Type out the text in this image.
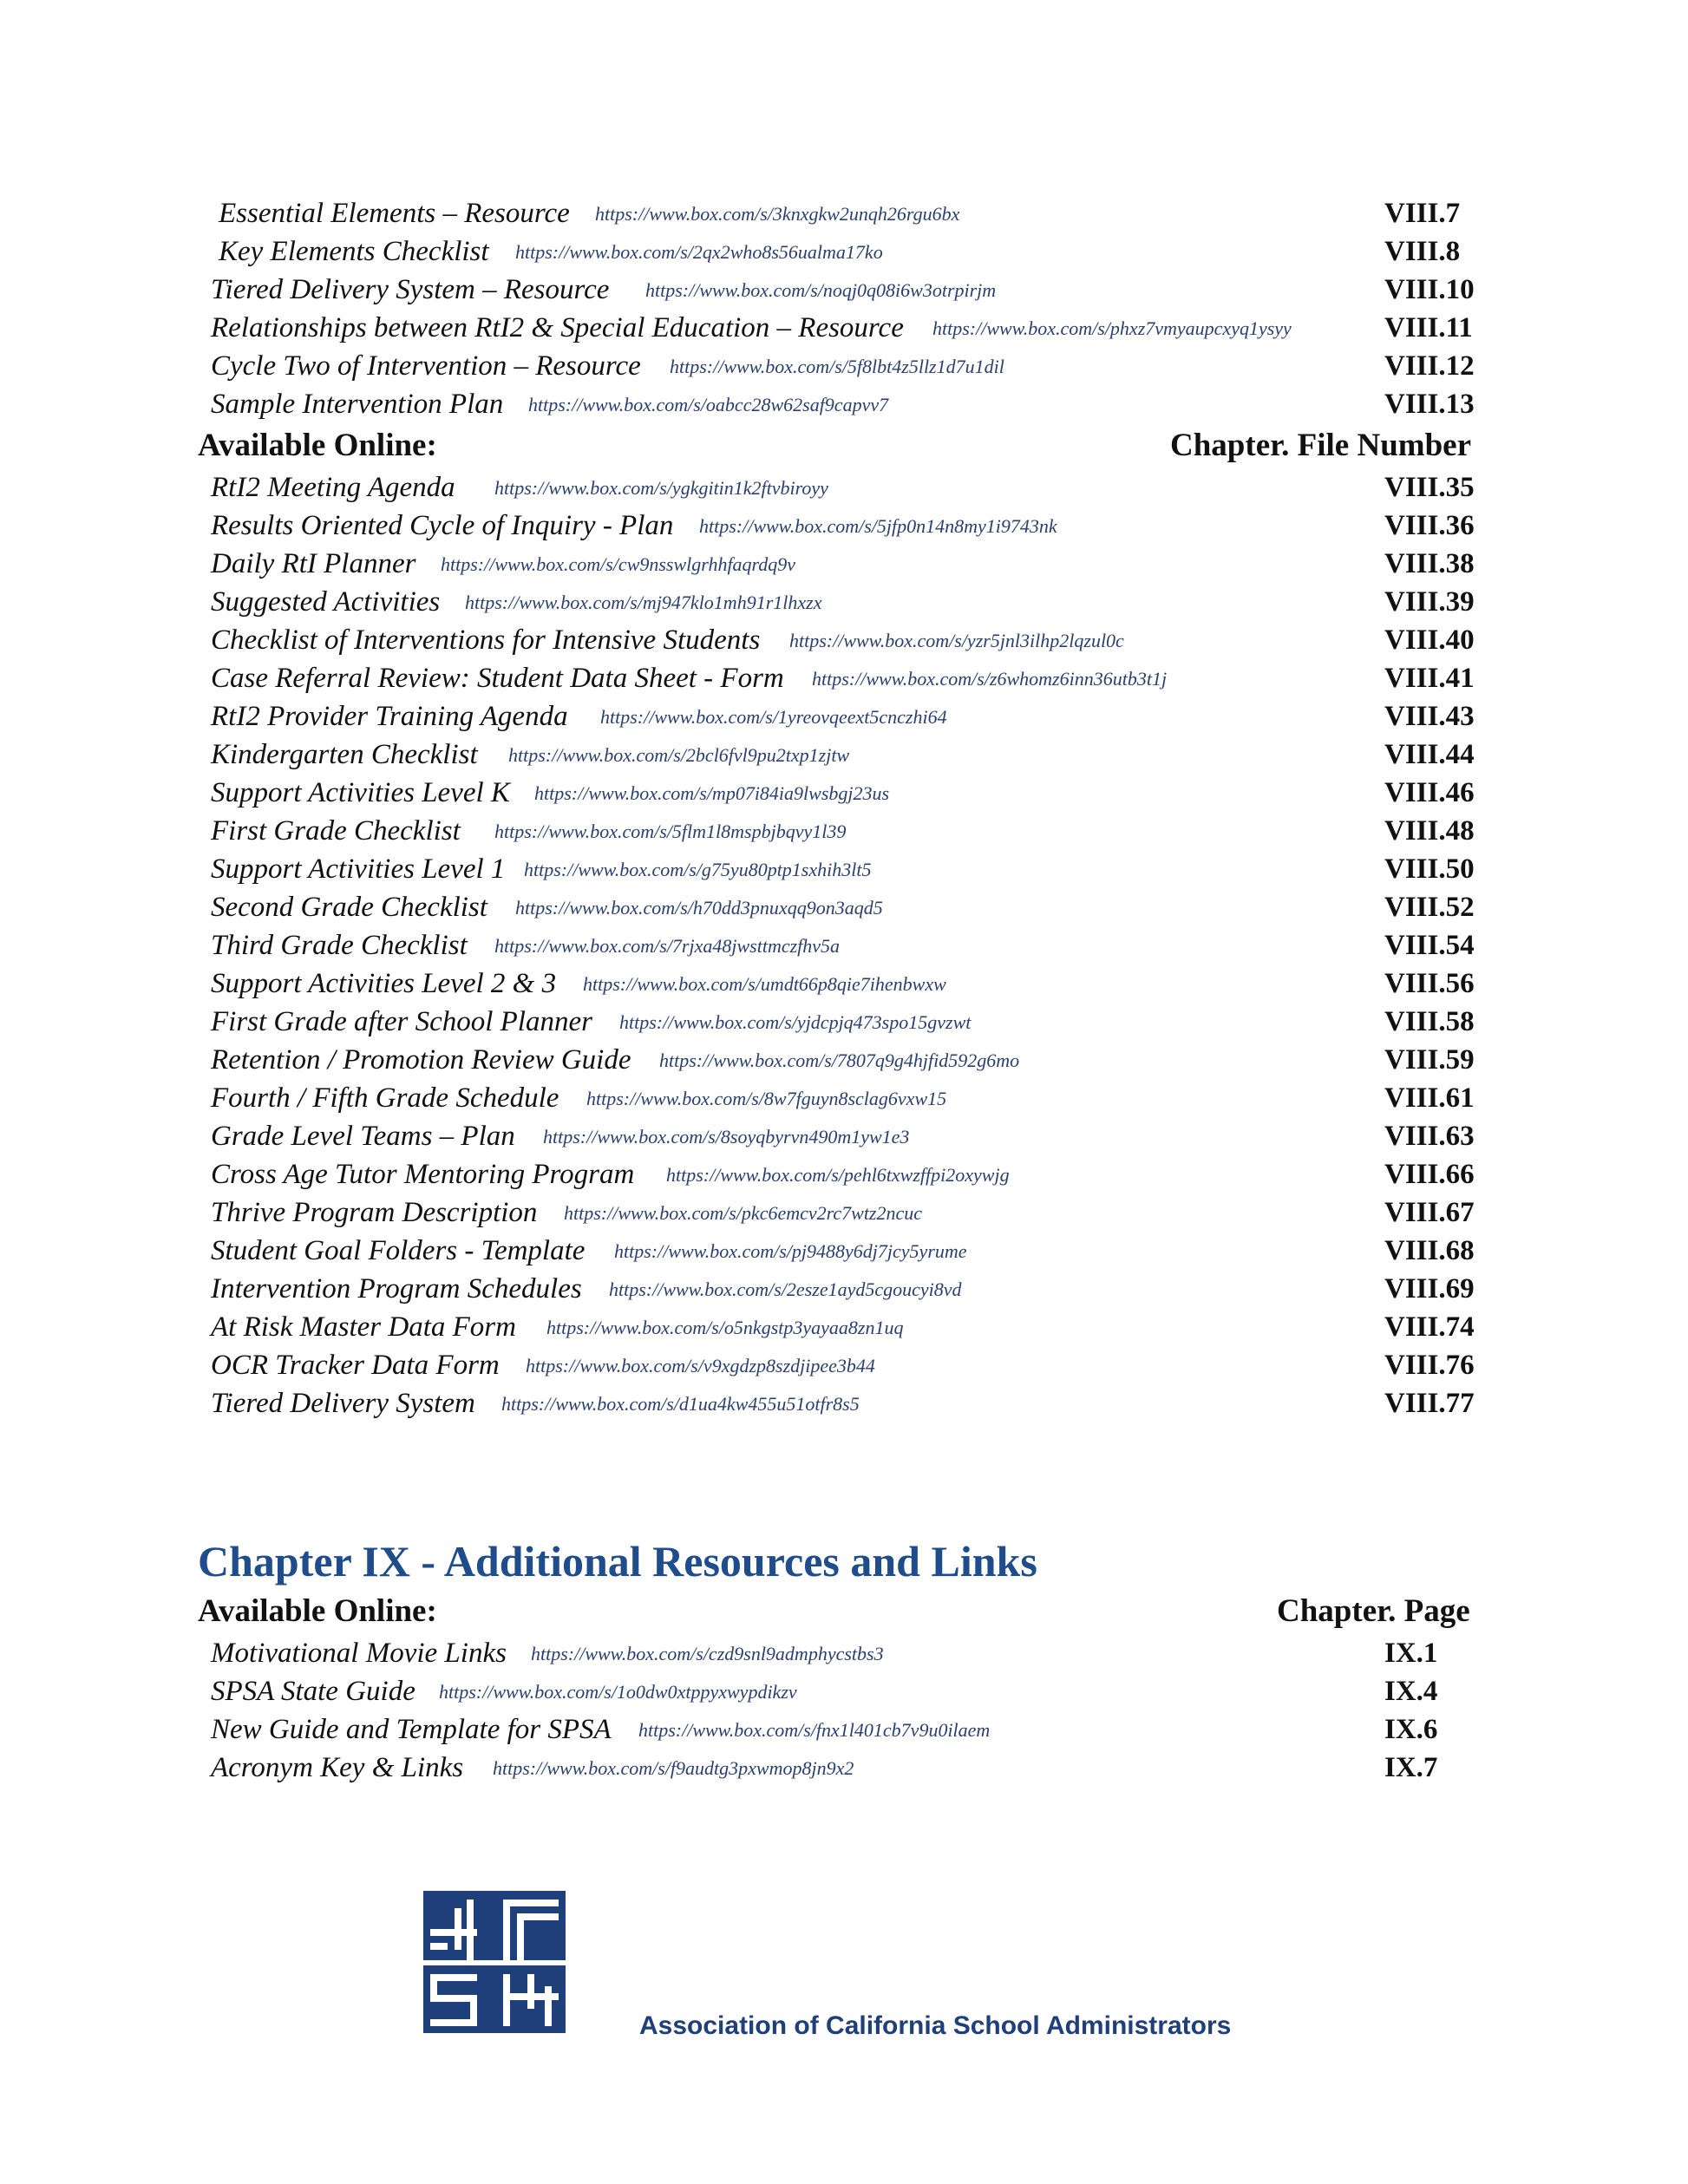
Essential Elements – Resource https://www.box.com/s/3knxgkw2unqh26rgu6bx	VIII.7
Key Elements Checklist https://www.box.com/s/2qx2who8s56ualma17ko	VIII.8
Tiered Delivery System – Resource https://www.box.com/s/noqj0q08i6w3otrpirjm	VIII.10
Relationships between RtI2 & Special Education – Resource https://www.box.com/s/phxz7vmyaupcxyq1ysyy	VIII.11
Cycle Two of Intervention – Resource https://www.box.com/s/5f8lbt4z5llz1d7u1dil	VIII.12
Sample Intervention Plan https://www.box.com/s/oabcc28w62saf9capvv7	VIII.13
Available Online:	Chapter. File Number
RtI2 Meeting Agenda https://www.box.com/s/ygkgitin1k2ftvbiroyy	VIII.35
Results Oriented Cycle of Inquiry - Plan https://www.box.com/s/5jfp0n14n8my1i9743nk	VIII.36
Daily RtI Planner https://www.box.com/s/cw9nsswlgrhhfaqrdq9v	VIII.38
Suggested Activities https://www.box.com/s/mj947klo1mh91r1lhxzx	VIII.39
Checklist of Interventions for Intensive Students https://www.box.com/s/yzr5jnl3ilhp2lqzul0c	VIII.40
Case Referral Review: Student Data Sheet - Form https://www.box.com/s/z6whomz6inn36utb3t1j	VIII.41
RtI2 Provider Training Agenda https://www.box.com/s/1yreovqeext5cnczhi64	VIII.43
Kindergarten Checklist https://www.box.com/s/2bcl6fvl9pu2txp1zjtw	VIII.44
Support Activities Level K https://www.box.com/s/mp07i84ia9lwsbgj23us	VIII.46
First Grade Checklist https://www.box.com/s/5flm1l8mspbjbqvy1l39	VIII.48
Support Activities Level 1 https://www.box.com/s/g75yu80ptp1sxhih3lt5	VIII.50
Second Grade Checklist https://www.box.com/s/h70dd3pnuxqq9on3aqd5	VIII.52
Third Grade Checklist https://www.box.com/s/7rjxa48jwsttmczfhv5a	VIII.54
Support Activities Level 2 & 3 https://www.box.com/s/umdt66p8qie7ihenbwxw	VIII.56
First Grade after School Planner https://www.box.com/s/yjdcpjq473spo15gvzwt	VIII.58
Retention / Promotion Review Guide https://www.box.com/s/7807q9g4hjfid592g6mo	VIII.59
Fourth / Fifth Grade Schedule https://www.box.com/s/8w7fguyn8sclag6vxw15	VIII.61
Grade Level Teams – Plan https://www.box.com/s/8soyqbyrvn490m1yw1e3	VIII.63
Cross Age Tutor Mentoring Program https://www.box.com/s/pehl6txwzffpi2oxywjg	VIII.66
Thrive Program Description https://www.box.com/s/pkc6emcv2rc7wtz2ncuc	VIII.67
Student Goal Folders - Template https://www.box.com/s/pj9488y6dj7jcy5yrume	VIII.68
Intervention Program Schedules https://www.box.com/s/2esze1ayd5cgoucyi8vd	VIII.69
At Risk Master Data Form https://www.box.com/s/o5nkgstp3yayaa8zn1uq	VIII.74
OCR Tracker Data Form https://www.box.com/s/v9xgdzp8szdjipee3b44	VIII.76
Tiered Delivery System https://www.box.com/s/d1ua4kw455u51otfr8s5	VIII.77
Chapter IX - Additional Resources and Links
Available Online:	Chapter. Page
Motivational Movie Links https://www.box.com/s/czd9snl9admphycstbs3	IX.1
SPSA State Guide https://www.box.com/s/1o0dw0xtppyxwypdikzv	IX.4
New Guide and Template for SPSA https://www.box.com/s/fnx1l401cb7v9u0ilaem	IX.6
Acronym Key & Links https://www.box.com/s/f9audtg3pxwmop8jn9x2	IX.7
Association of California School Administrators
